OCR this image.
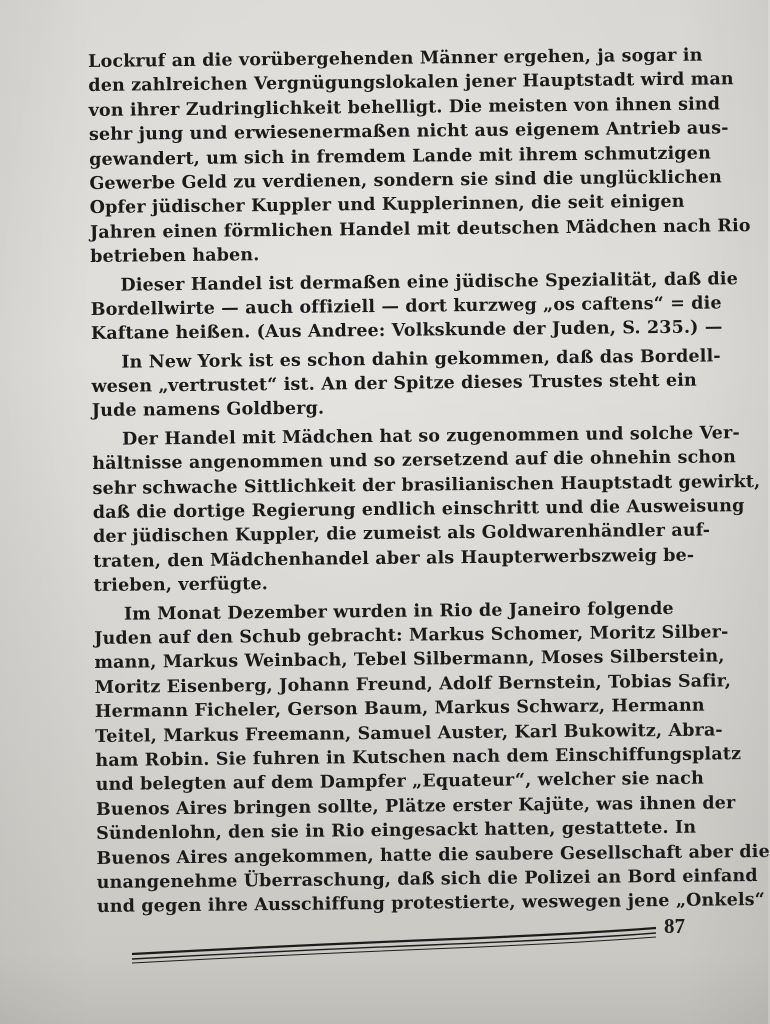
Lockruf an die vorübergehenden Männer ergehen, ja sogar in
den zahlreichen Vergnügungslokalen jener Hauptstadt wird man
von ihrer Zudringlichkeit behelligt. Die meisten von ihnen sind
sehr jung und erwiesenermaßen nicht aus eigenem Antrieb aus-
gewandert, um sich in fremdem Lande mit ihrem schmutzigen
Gewerbe Geld zu verdienen, sondern sie sind die unglücklichen
Opfer jüdischer Kuppler und Kupplerinnen, die seit einigen
Jahren einen förmlichen Handel mit deutschen Mädchen nach Rio
betrieben haben.
Dieser Handel ist dermaßen eine jüdische Spezialität, daß die
Bordellwirte — auch offiziell — dort kurzweg „os caftens“ = die
Kaftane heißen. (Aus Andree: Volkskunde der Juden, S. 235.) —
In New York ist es schon dahin gekommen, daß das Bordell-
wesen „vertrustet“ ist. An der Spitze dieses Trustes steht ein
Jude namens Goldberg.
Der Handel mit Mädchen hat so zugenommen und solche Ver-
hältnisse angenommen und so zersetzend auf die ohnehin schon
sehr schwache Sittlichkeit der brasilianischen Hauptstadt gewirkt,
daß die dortige Regierung endlich einschritt und die Ausweisung
der jüdischen Kuppler, die zumeist als Goldwarenhändler auf-
traten, den Mädchenhandel aber als Haupterwerbszweig be-
trieben, verfügte.
Im Monat Dezember wurden in Rio de Janeiro folgende
Juden auf den Schub gebracht: Markus Schomer, Moritz Silber-
mann, Markus Weinbach, Tebel Silbermann, Moses Silberstein,
Moritz Eisenberg, Johann Freund, Adolf Bernstein, Tobias Safir,
Hermann Ficheler, Gerson Baum, Markus Schwarz, Hermann
Teitel, Markus Freemann, Samuel Auster, Karl Bukowitz, Abra-
ham Robin. Sie fuhren in Kutschen nach dem Einschiffungsplatz
und belegten auf dem Dampfer „Equateur“, welcher sie nach
Buenos Aires bringen sollte, Plätze erster Kajüte, was ihnen der
Sündenlohn, den sie in Rio eingesackt hatten, gestattete. In
Buenos Aires angekommen, hatte die saubere Gesellschaft aber die
unangenehme Überraschung, daß sich die Polizei an Bord einfand
und gegen ihre Ausschiffung protestierte, weswegen jene „Onkels“
87
